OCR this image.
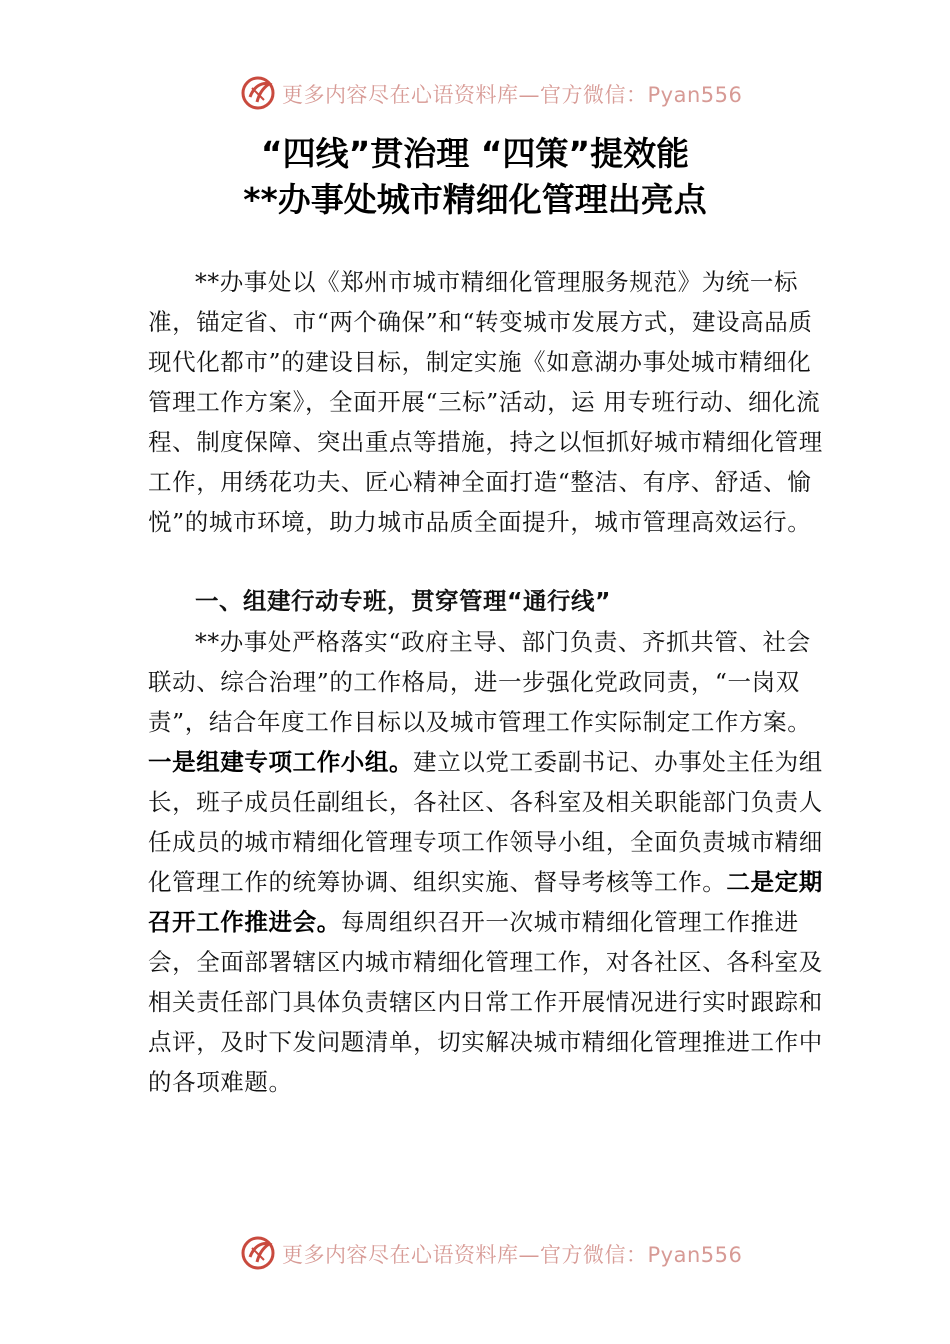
更多内容尽在心语资料库—官方微信：Pyan556
“四线”贯治理 “四策”提效能
**办事处城市精细化管理出亮点
**办事处以《郑州市城市精细化管理服务规范》为统一标准，锚定省、市“两个确保”和“转变城市发展方式，建设高品质现代化都市”的建设目标，制定实施《如意湖办事处城市精细化管理工作方案》，全面开展“三标”活动，运 用专班行动、细化流程、制度保障、突出重点等措施，持之以恒抓好城市精细化管理工作，用绣花功夫、匠心精神全面打造“整洁、有序、舒适、愉悦”的城市环境，助力城市品质全面提升，城市管理高效运行。
一、组建行动专班，贯穿管理“通行线”
**办事处严格落实“政府主导、部门负责、齐抓共管、社会联动、综合治理”的工作格局，进一步强化党政同责，“一岗双责”，结合年度工作目标以及城市管理工作实际制定工作方案。一是组建专项工作小组。建立以党工委副书记、办事处主任为组长，班子成员任副组长，各社区、各科室及相关职能部门负责人任成员的城市精细化管理专项工作领导小组，全面负责城市精细化管理工作的统筹协调、组织实施、督导考核等工作。二是定期召开工作推进会。每周组织召开一次城市精细化管理工作推进会，全面部署辖区内城市精细化管理工作，对各社区、各科室及相关责任部门具体负责辖区内日常工作开展情况进行实时跟踪和点评，及时下发问题清单，切实解决城市精细化管理推进工作中的各项难题。
更多内容尽在心语资料库—官方微信：Pyan556
